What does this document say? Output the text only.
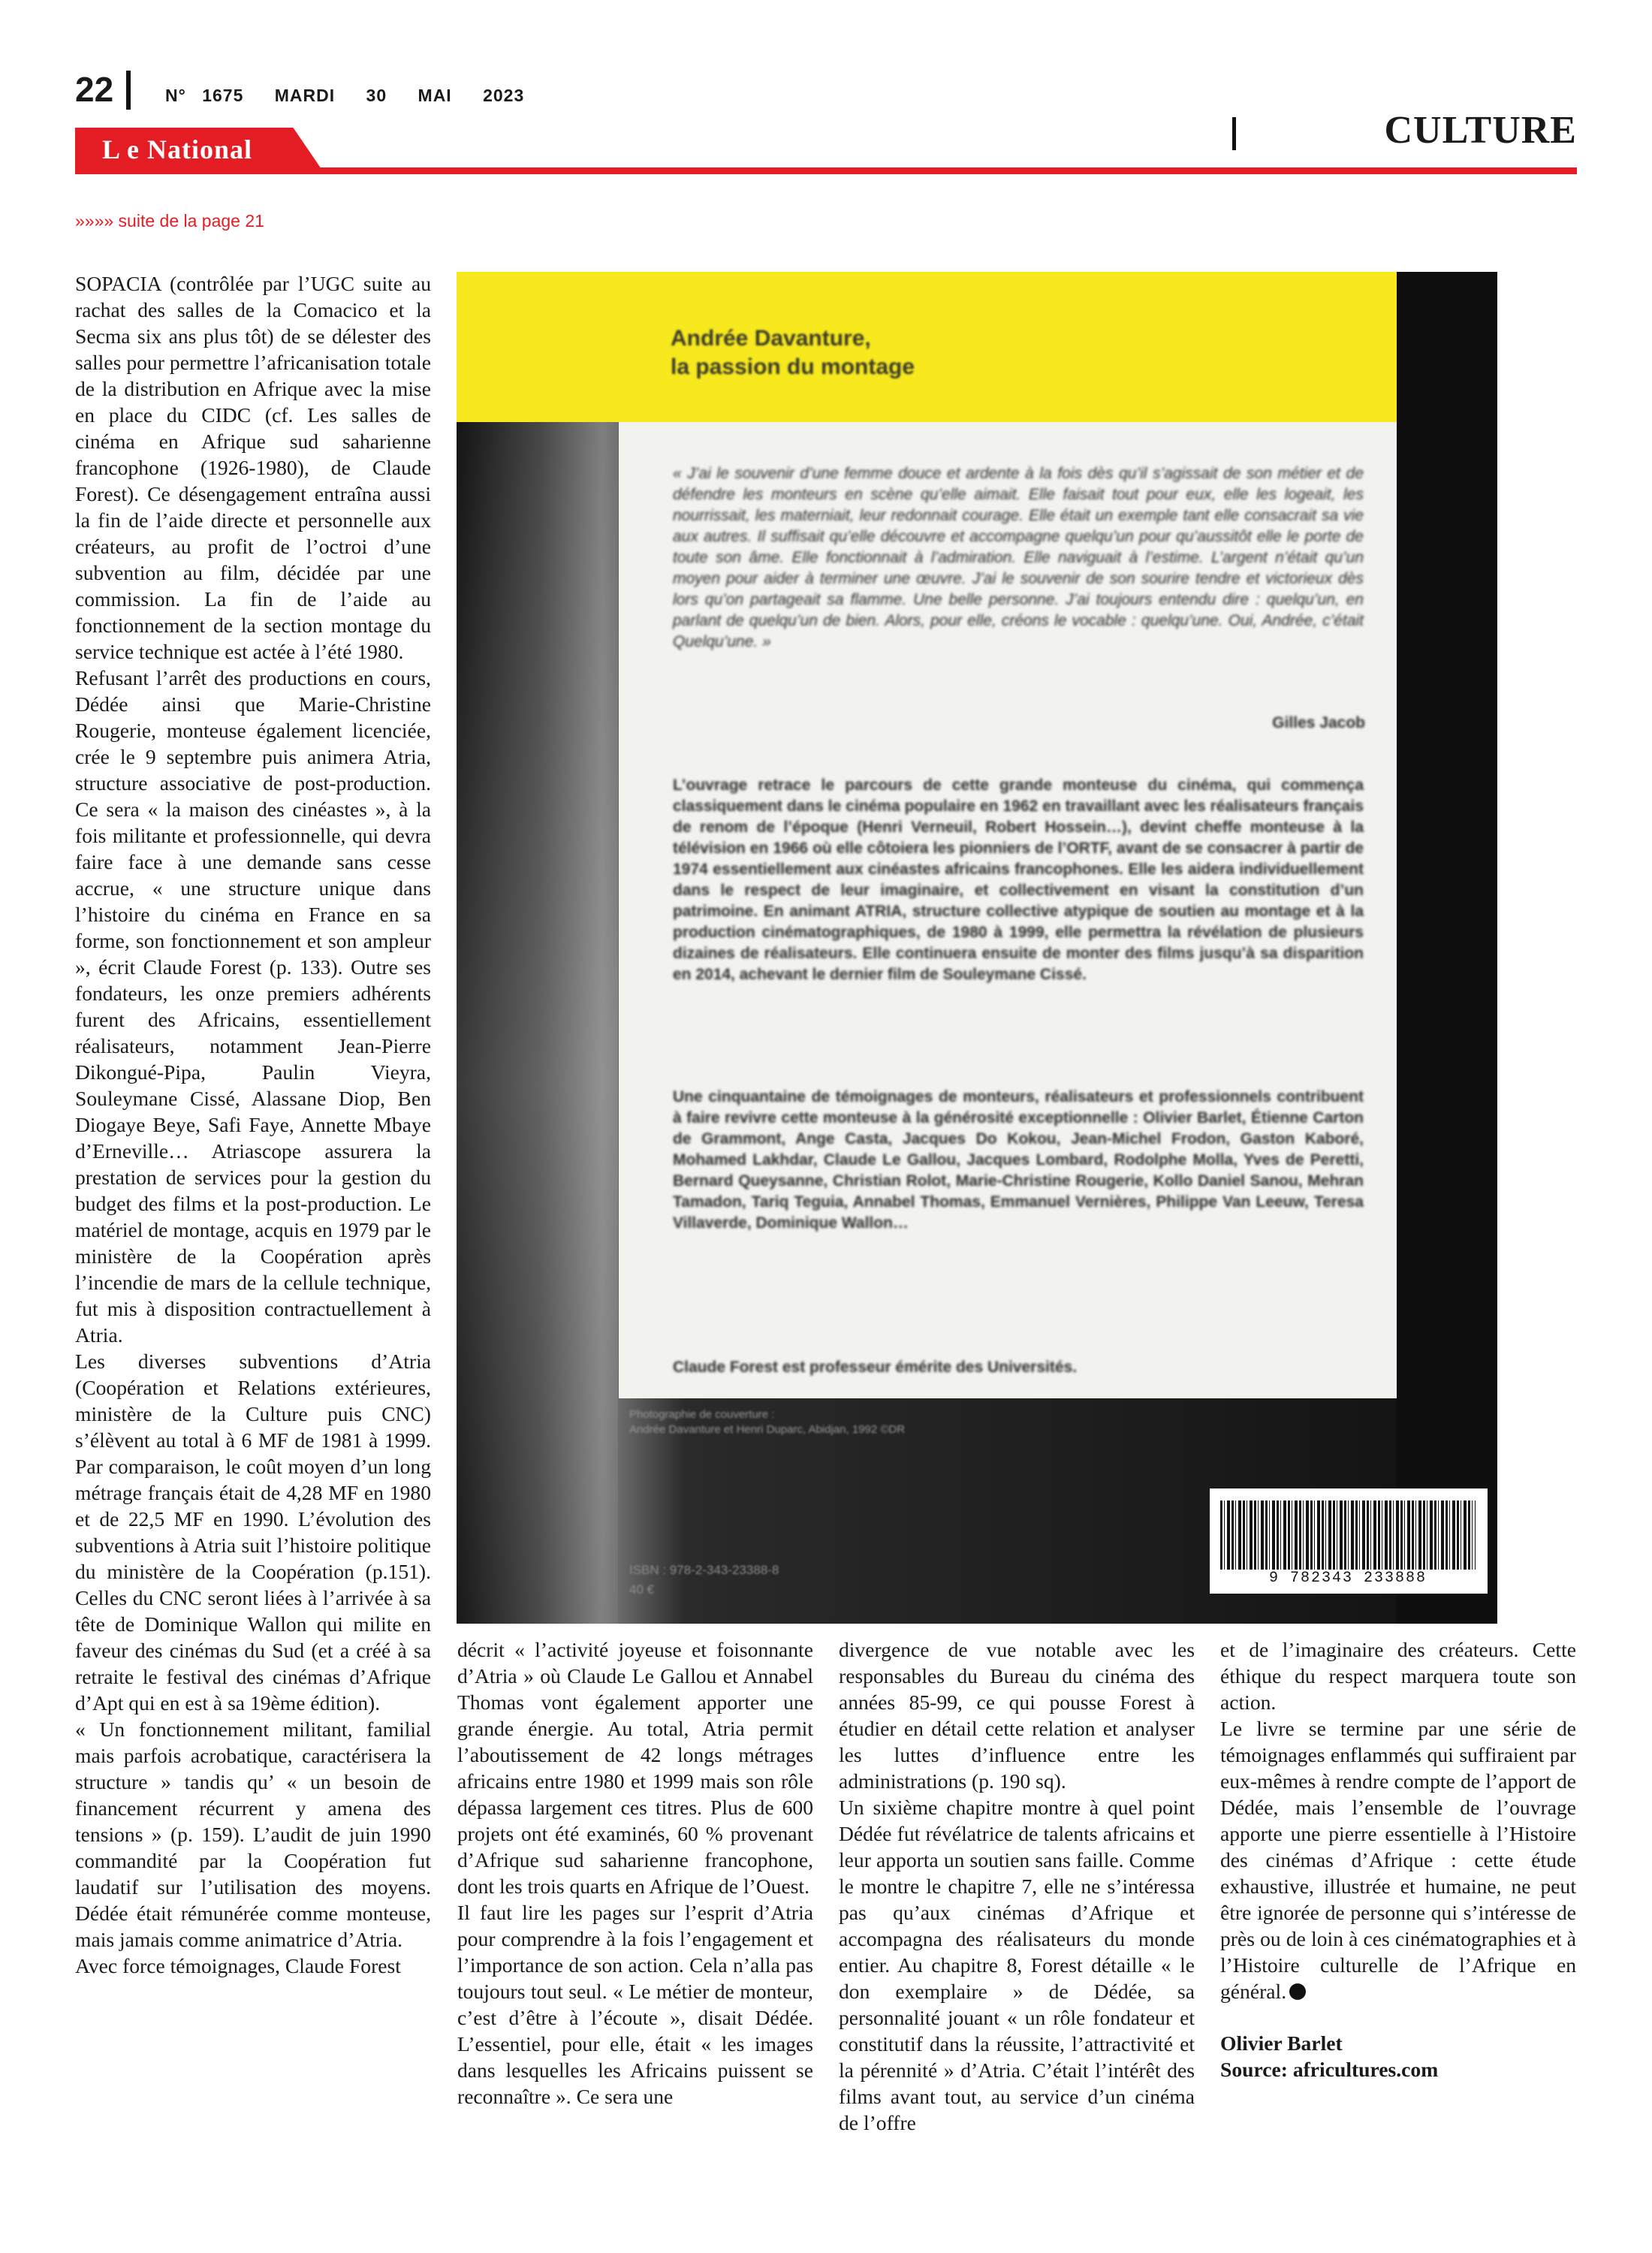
22	N° 1675 MARDI 30 MAI 2023
L e National	CULTURE
»»»» suite de la page 21

SOPACIA (contrôlée par l’UGC suite au rachat des salles de la Comacico et la Secma six ans plus tôt) de se délester des salles pour permettre l’africanisation totale de la distribution en Afrique avec la mise en place du CIDC (cf. Les salles de cinéma en Afrique sud saharienne francophone (1926-1980), de Claude Forest). Ce désengagement entraîna aussi la fin de l’aide directe et personnelle aux créateurs, au profit de l’octroi d’une subvention au film, décidée par une commission. La fin de l’aide au fonctionnement de la section montage du service technique est actée à l’été 1980.

Refusant l’arrêt des productions en cours, Dédée ainsi que Marie-Christine Rougerie, monteuse également licenciée, crée le 9 septembre puis animera Atria, structure associative de post-production. Ce sera « la maison des cinéastes », à la fois militante et professionnelle, qui devra faire face à une demande sans cesse accrue, « une structure unique dans l’histoire du cinéma en France en sa forme, son fonctionnement et son ampleur », écrit Claude Forest (p. 133). Outre ses fondateurs, les onze premiers adhérents furent des Africains, essentiellement réalisateurs, notamment Jean-Pierre Dikongué-Pipa, Paulin Vieyra, Souleymane Cissé, Alassane Diop, Ben Diogaye Beye, Safi Faye, Annette Mbaye d’Erneville… Atriascope assurera la prestation de services pour la gestion du budget des films et la post-production. Le matériel de montage, acquis en 1979 par le ministère de la Coopération après l’incendie de mars de la cellule technique, fut mis à disposition contractuellement à Atria.

Les diverses subventions d’Atria (Coopération et Relations extérieures, ministère de la Culture puis CNC) s’élèvent au total à 6 MF de 1981 à 1999. Par comparaison, le coût moyen d’un long métrage français était de 4,28 MF en 1980 et de 22,5 MF en 1990. L’évolution des subventions à Atria suit l’histoire politique du ministère de la Coopération (p.151). Celles du CNC seront liées à l’arrivée à sa tête de Dominique Wallon qui milite en faveur des cinémas du Sud (et a créé à sa retraite le festival des cinémas d’Afrique d’Apt qui en est à sa 19ème édition).

« Un fonctionnement militant, familial mais parfois acrobatique, caractérisera la structure » tandis qu’ « un besoin de financement récurrent y amena des tensions » (p. 159). L’audit de juin 1990 commandité par la Coopération fut laudatif sur l’utilisation des moyens. Dédée était rémunérée comme monteuse, mais jamais comme animatrice d’Atria.

Avec force témoignages, Claude Forest

Andrée Davanture,
la passion du montage
« J’ai le souvenir d’une femme douce et ardente à la fois dès qu’il s’agissait de son métier et de défendre les monteurs en scène qu’elle aimait. Elle faisait tout pour eux, elle les logeait, les nourrissait, les materniait, leur redonnait courage. Elle était un exemple tant elle consacrait sa vie aux autres. Il suffisait qu’elle découvre et accompagne quelqu’un pour qu’aussitôt elle le porte de toute son âme. Elle fonctionnait à l’admiration. Elle naviguait à l’estime. L’argent n’était qu’un moyen pour aider à terminer une œuvre. J’ai le souvenir de son sourire tendre et victorieux dès lors qu’on partageait sa flamme. Une belle personne. J’ai toujours entendu dire : quelqu’un, en parlant de quelqu’un de bien. Alors, pour elle, créons le vocable : quelqu’une. Oui, Andrée, c’était Quelqu’une. »
Gilles Jacob
L’ouvrage retrace le parcours de cette grande monteuse du cinéma, qui commença classiquement dans le cinéma populaire en 1962 en travaillant avec les réalisateurs français de renom de l’époque (Henri Verneuil, Robert Hossein…), devint cheffe monteuse à la télévision en 1966 où elle côtoiera les pionniers de l’ORTF, avant de se consacrer à partir de 1974 essentiellement aux cinéastes africains francophones. Elle les aidera individuellement dans le respect de leur imaginaire, et collectivement en visant la constitution d’un patrimoine. En animant ATRIA, structure collective atypique de soutien au montage et à la production cinématographiques, de 1980 à 1999, elle permettra la révélation de plusieurs dizaines de réalisateurs. Elle continuera ensuite de monter des films jusqu’à sa disparition en 2014, achevant le dernier film de Souleymane Cissé.
Une cinquantaine de témoignages de monteurs, réalisateurs et professionnels contribuent à faire revivre cette monteuse à la générosité exceptionnelle : Olivier Barlet, Étienne Carton de Grammont, Ange Casta, Jacques Do Kokou, Jean-Michel Frodon, Gaston Kaboré, Mohamed Lakhdar, Claude Le Gallou, Jacques Lombard, Rodolphe Molla, Yves de Peretti, Bernard Queysanne, Christian Rolot, Marie-Christine Rougerie, Kollo Daniel Sanou, Mehran Tamadon, Tariq Teguia, Annabel Thomas, Emmanuel Vernières, Philippe Van Leeuw, Teresa Villaverde, Dominique Wallon…
Claude Forest est professeur émérite des Universités.
Photographie de couverture :
Andrée Davanture et Henri Duparc, Abidjan, 1992 ©DR
ISBN : 978-2-343-23388-8
40 €
9 782343 233888

décrit « l’activité joyeuse et foisonnante d’Atria » où Claude Le Gallou et Annabel Thomas vont également apporter une grande énergie. Au total, Atria permit l’aboutissement de 42 longs métrages africains entre 1980 et 1999 mais son rôle dépassa largement ces titres. Plus de 600 projets ont été examinés, 60 % provenant d’Afrique sud saharienne francophone, dont les trois quarts en Afrique de l’Ouest.

Il faut lire les pages sur l’esprit d’Atria pour comprendre à la fois l’engagement et l’importance de son action. Cela n’alla pas toujours tout seul. « Le métier de monteur, c’est d’être à l’écoute », disait Dédée. L’essentiel, pour elle, était « les images dans lesquelles les Africains puissent se reconnaître ». Ce sera une

divergence de vue notable avec les responsables du Bureau du cinéma des années 85-99, ce qui pousse Forest à étudier en détail cette relation et analyser les luttes d’influence entre les administrations (p. 190 sq).

Un sixième chapitre montre à quel point Dédée fut révélatrice de talents africains et leur apporta un soutien sans faille. Comme le montre le chapitre 7, elle ne s’intéressa pas qu’aux cinémas d’Afrique et accompagna des réalisateurs du monde entier. Au chapitre 8, Forest détaille « le don exemplaire » de Dédée, sa personnalité jouant « un rôle fondateur et constitutif dans la réussite, l’attractivité et la pérennité » d’Atria. C’était l’intérêt des films avant tout, au service d’un cinéma de l’offre

et de l’imaginaire des créateurs. Cette éthique du respect marquera toute son action.

Le livre se termine par une série de témoignages enflammés qui suffiraient par eux-mêmes à rendre compte de l’apport de Dédée, mais l’ensemble de l’ouvrage apporte une pierre essentielle à l’Histoire des cinémas d’Afrique : cette étude exhaustive, illustrée et humaine, ne peut être ignorée de personne qui s’intéresse de près ou de loin à ces cinématographies et à l’Histoire culturelle de l’Afrique en général.

Olivier Barlet
Source: africultures.com
